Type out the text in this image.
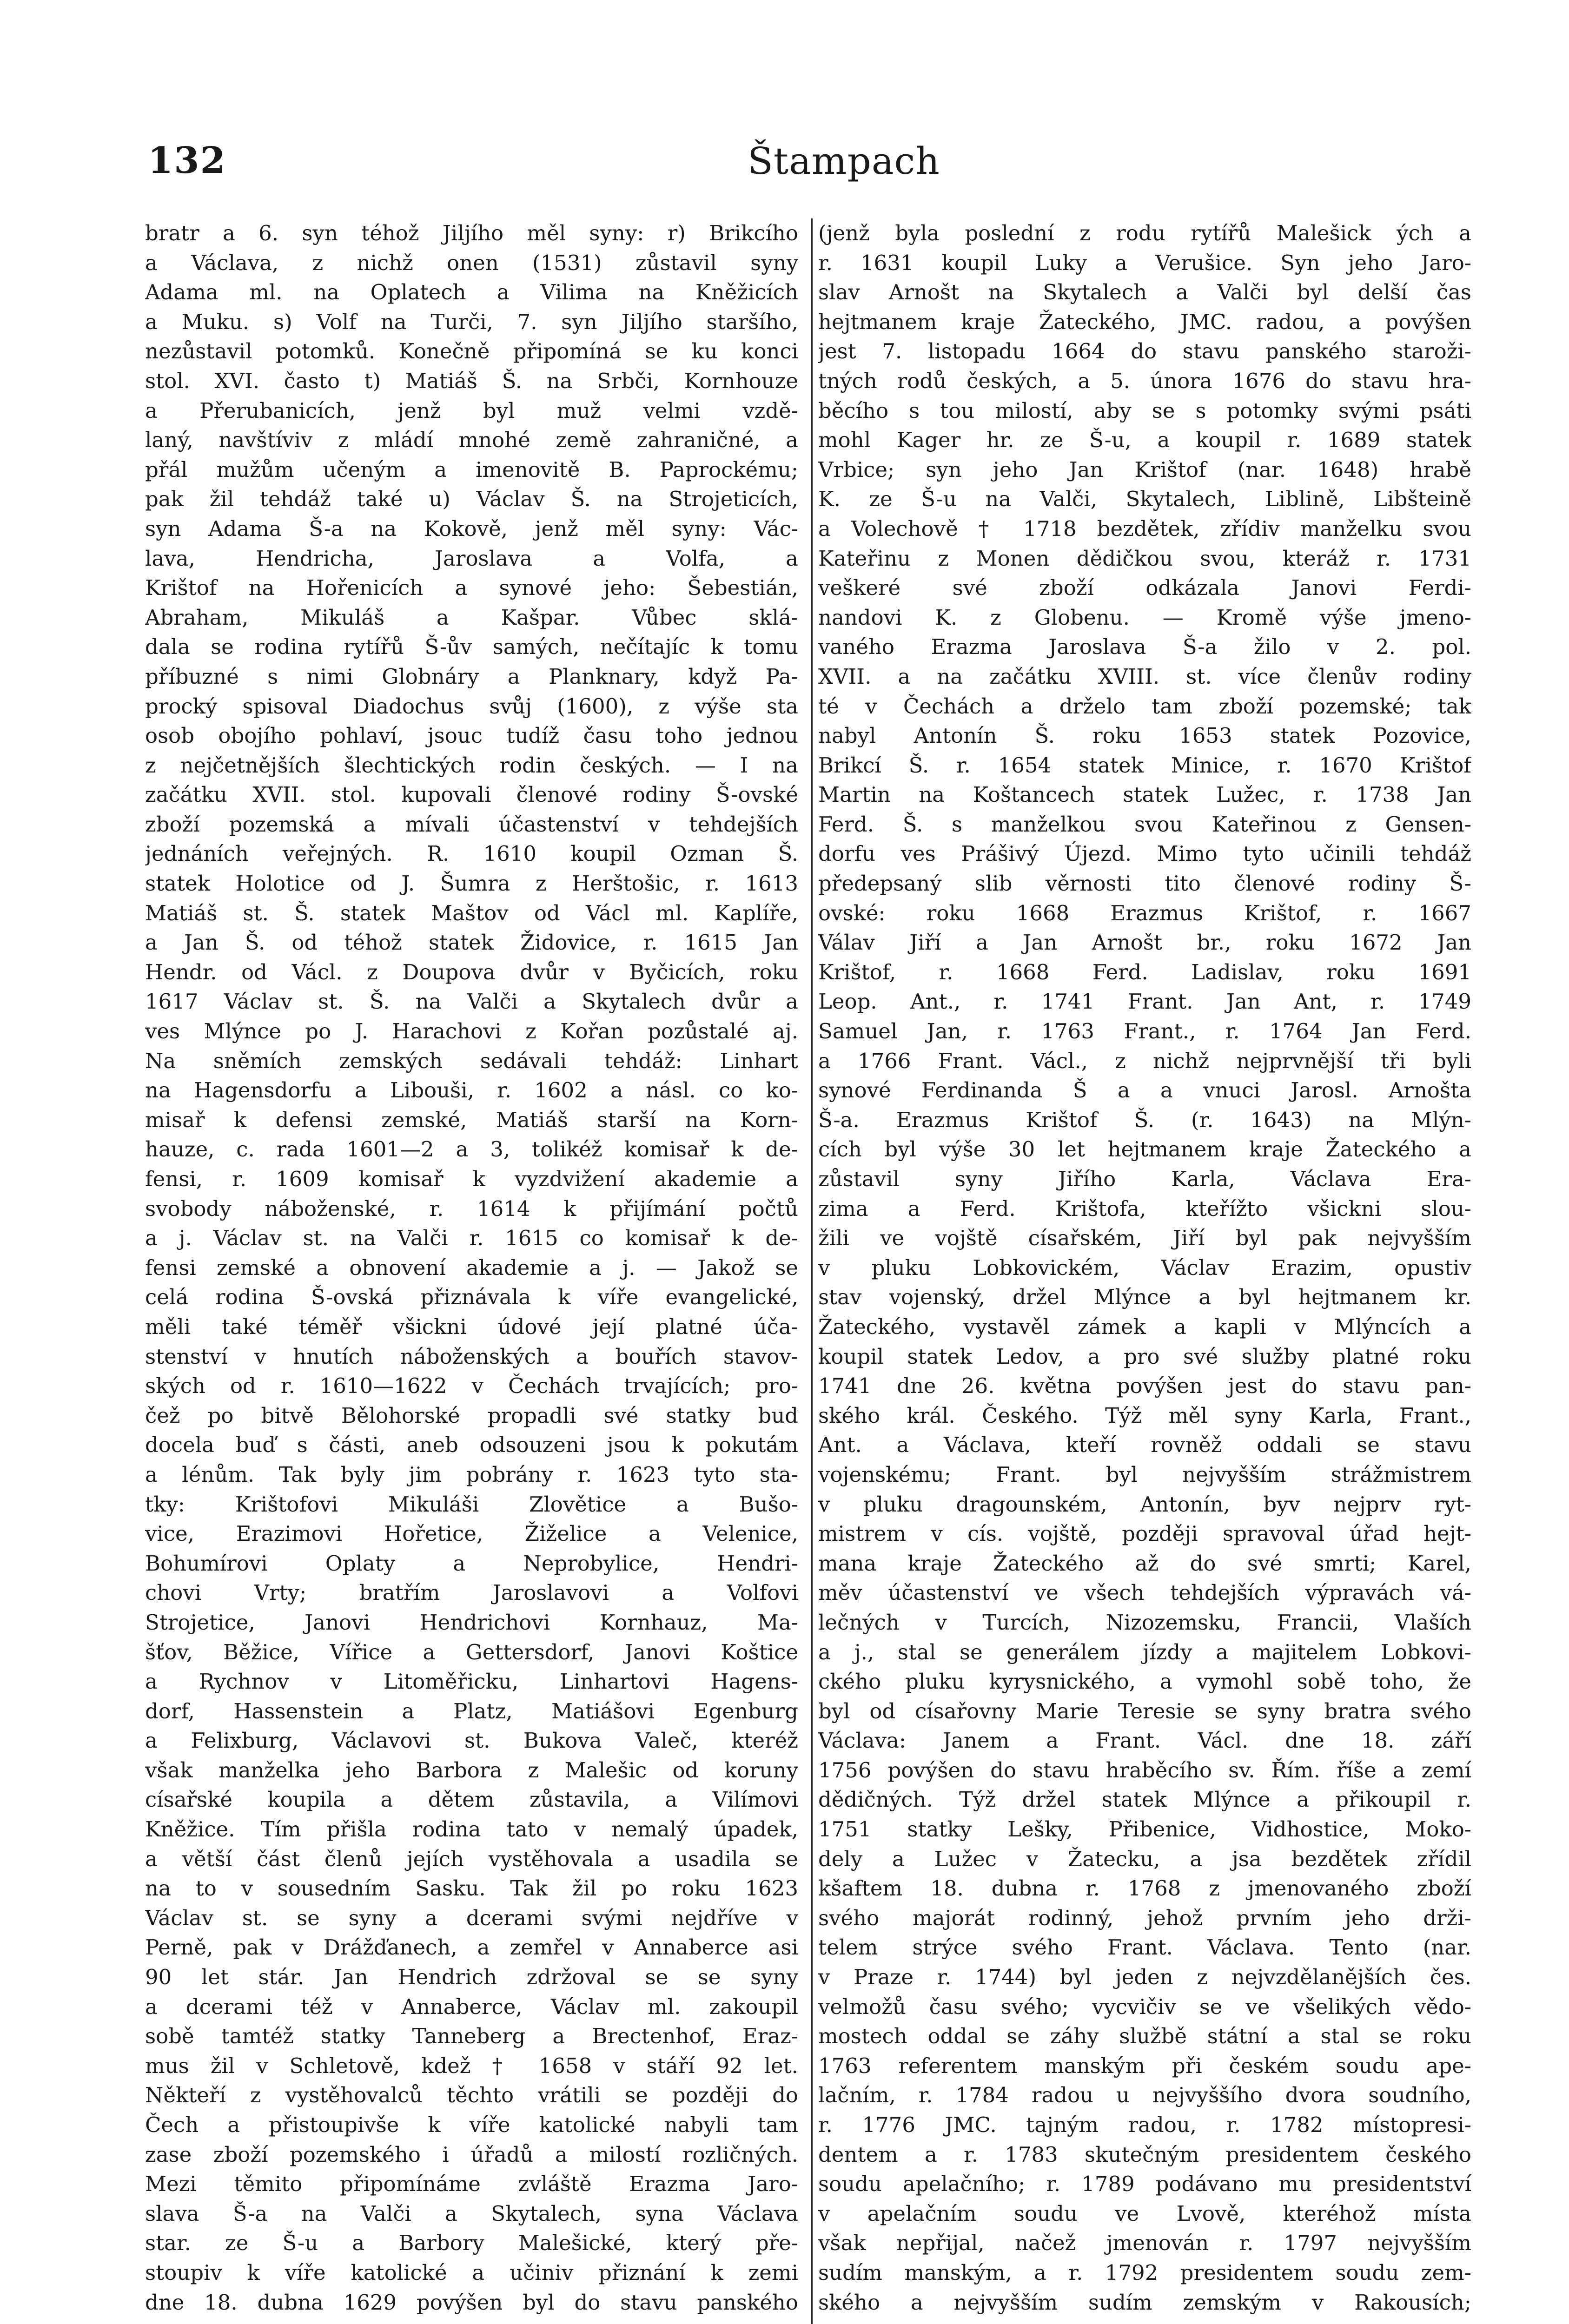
132	Štampach
bratr a 6. syn téhož Jiljího měl syny: r) Brikcího
a Václava, z nichž onen (1531) zůstavil syny
Adama ml. na Oplatech a Vilima na Kněžicích
a Muku. s) Volf na Turči, 7. syn Jiljího staršího,
nezůstavil potomků. Konečně připomíná se ku konci
stol. XVI. často t) Matiáš Š. na Srbči, Kornhouze
a Přerubanicích, jenž byl muž velmi vzdě-
laný, navštíviv z mládí mnohé země zahraničné, a
přál mužům učeným a imenovitě B. Paprockému;
pak žil tehdáž také u) Václav Š. na Strojeticích,
syn Adama Š-a na Kokově, jenž měl syny: Vác-
lava, Hendricha, Jaroslava a Volfa, a
Krištof na Hořenicích a synové jeho: Šebestián,
Abraham, Mikuláš a Kašpar. Vůbec sklá-
dala se rodina rytířů Š-ův samých, nečítajíc k tomu
příbuzné s nimi Globnáry a Planknary, když Pa-
procký spisoval Diadochus svůj (1600), z výše sta
osob obojího pohlaví, jsouc tudíž času toho jednou
z nejčetnějších šlechtických rodin českých. — I na
začátku XVII. stol. kupovali členové rodiny Š-ovské
zboží pozemská a mívali účastenství v tehdejších
jednáních veřejných. R. 1610 koupil Ozman Š.
statek Holotice od J. Šumra z Herštošic, r. 1613
Matiáš st. Š. statek Maštov od Václ ml. Kaplíře,
a Jan Š. od téhož statek Židovice, r. 1615 Jan
Hendr. od Václ. z Doupova dvůr v Byčicích, roku
1617 Václav st. Š. na Valči a Skytalech dvůr a
ves Mlýnce po J. Harachovi z Kořan pozůstalé aj.
Na sněmích zemských sedávali tehdáž: Linhart
na Hagensdorfu a Libouši, r. 1602 a násl. co ko-
misař k defensi zemské, Matiáš starší na Korn-
hauze, c. rada 1601—2 a 3, tolikéž komisař k de-
fensi, r. 1609 komisař k vyzdvižení akademie a
svobody náboženské, r. 1614 k přijímání počtů
a j. Václav st. na Valči r. 1615 co komisař k de-
fensi zemské a obnovení akademie a j. — Jakož se
celá rodina Š-ovská přiznávala k víře evangelické,
měli také téměř všickni údové její platné úča-
stenství v hnutích náboženských a bouřích stavov-
ských od r. 1610—1622 v Čechách trvajících; pro-
čež po bitvě Bělohorské propadli své statky buď
docela buď s části, aneb odsouzeni jsou k pokutám
a lénům. Tak byly jim pobrány r. 1623 tyto sta-
tky: Krištofovi Mikuláši Zlovětice a Bušo-
vice, Erazimovi Hořetice, Žiželice a Velenice,
Bohumírovi Oplaty a Neprobylice, Hendri-
chovi Vrty; bratřím Jaroslavovi a Volfovi
Strojetice, Janovi Hendrichovi Kornhauz, Ma-
šťov, Běžice, Vířice a Gettersdorf, Janovi Koštice
a Rychnov v Litoměřicku, Linhartovi Hagens-
dorf, Hassenstein a Platz, Matiášovi Egenburg
a Felixburg, Václavovi st. Bukova Valeč, kteréž
však manželka jeho Barbora z Malešic od koruny
císařské koupila a dětem zůstavila, a Vilímovi
Kněžice. Tím přišla rodina tato v nemalý úpadek,
a větší část členů jejích vystěhovala a usadila se
na to v sousedním Sasku. Tak žil po roku 1623
Václav st. se syny a dcerami svými nejdříve v
Perně, pak v Drážďanech, a zemřel v Annaberce asi
90 let stár. Jan Hendrich zdržoval se se syny
a dcerami též v Annaberce, Václav ml. zakoupil
sobě tamtéž statky Tanneberg a Brectenhof, Eraz-
mus žil v Schletově, kdež † 1658 v stáří 92 let.
Někteří z vystěhovalců těchto vrátili se později do
Čech a přistoupivše k víře katolické nabyli tam
zase zboží pozemského i úřadů a milostí rozličných.
Mezi těmito připomínáme zvláště Erazma Jaro-
slava Š-a na Valči a Skytalech, syna Václava
star. ze Š-u a Barbory Malešické, který pře-
stoupiv k víře katolické a učiniv přiznání k zemi
dne 18. dubna 1629 povýšen byl do stavu panského
(jenž byla poslední z rodu rytířů Malešick ých a
r. 1631 koupil Luky a Verušice. Syn jeho Jaro-
slav Arnošt na Skytalech a Valči byl delší čas
hejtmanem kraje Žateckého, JMC. radou, a povýšen
jest 7. listopadu 1664 do stavu panského staroži-
tných rodů českých, a 5. února 1676 do stavu hra-
běcího s tou milostí, aby se s potomky svými psáti
mohl Kager hr. ze Š-u, a koupil r. 1689 statek
Vrbice; syn jeho Jan Krištof (nar. 1648) hrabě
K. ze Š-u na Valči, Skytalech, Liblině, Libšteině
a Volechově † 1718 bezdětek, zřídiv manželku svou
Kateřinu z Monen dědičkou svou, kteráž r. 1731
veškeré své zboží odkázala Janovi Ferdi-
nandovi K. z Globenu. — Kromě výše jmeno-
vaného Erazma Jaroslava Š-a žilo v 2. pol.
XVII. a na začátku XVIII. st. více členův rodiny
té v Čechách a drželo tam zboží pozemské; tak
nabyl Antonín Š. roku 1653 statek Pozovice,
Brikcí Š. r. 1654 statek Minice, r. 1670 Krištof
Martin na Koštancech statek Lužec, r. 1738 Jan
Ferd. Š. s manželkou svou Kateřinou z Gensen-
dorfu ves Prášivý Újezd. Mimo tyto učinili tehdáž
předepsaný slib věrnosti tito členové rodiny Š-
ovské: roku 1668 Erazmus Krištof, r. 1667
Válav Jiří a Jan Arnošt br., roku 1672 Jan
Krištof, r. 1668 Ferd. Ladislav, roku 1691
Leop. Ant., r. 1741 Frant. Jan Ant, r. 1749
Samuel Jan, r. 1763 Frant., r. 1764 Jan Ferd.
a 1766 Frant. Václ., z nichž nejprvnější tři byli
synové Ferdinanda Š a a vnuci Jarosl. Arnošta
Š-a. Erazmus Krištof Š. (r. 1643) na Mlýn-
cích byl výše 30 let hejtmanem kraje Žateckého a
zůstavil syny Jiřího Karla, Václava Era-
zima a Ferd. Krištofa, kteřížto všickni slou-
žili ve vojště císařském, Jiří byl pak nejvyšším
v pluku Lobkovickém, Václav Erazim, opustiv
stav vojenský, držel Mlýnce a byl hejtmanem kr.
Žateckého, vystavěl zámek a kapli v Mlýncích a
koupil statek Ledov, a pro své služby platné roku
1741 dne 26. května povýšen jest do stavu pan-
ského král. Českého. Týž měl syny Karla, Frant.,
Ant. a Václava, kteří rovněž oddali se stavu
vojenskému; Frant. byl nejvyšším strážmistrem
v pluku dragounském, Antonín, byv nejprv ryt-
mistrem v cís. vojště, později spravoval úřad hejt-
mana kraje Žateckého až do své smrti; Karel,
měv účastenství ve všech tehdejších výpravách vá-
lečných v Turcích, Nizozemsku, Francii, Vlaších
a j., stal se generálem jízdy a majitelem Lobkovi-
ckého pluku kyrysnického, a vymohl sobě toho, že
byl od císařovny Marie Teresie se syny bratra svého
Václava: Janem a Frant. Václ. dne 18. září
1756 povýšen do stavu hraběcího sv. Řím. říše a zemí
dědičných. Týž držel statek Mlýnce a přikoupil r.
1751 statky Lešky, Přibenice, Vidhostice, Moko-
dely a Lužec v Žatecku, a jsa bezdětek zřídil
kšaftem 18. dubna r. 1768 z jmenovaného zboží
svého majorát rodinný, jehož prvním jeho drži-
telem strýce svého Frant. Václava. Tento (nar.
v Praze r. 1744) byl jeden z nejvzdělanějších čes.
velmožů času svého; vycvičiv se ve všelikých vědo-
mostech oddal se záhy službě státní a stal se roku
1763 referentem manským při českém soudu ape-
lačním, r. 1784 radou u nejvyššího dvora soudního,
r. 1776 JMC. tajným radou, r. 1782 místopresi-
dentem a r. 1783 skutečným presidentem českého
soudu apelačního; r. 1789 podávano mu presidentství
v apelačním soudu ve Lvově, kteréhož místa
však nepřijal, načež jmenován r. 1797 nejvyšším
sudím manským, a r. 1792 presidentem soudu zem-
ského a nejvyšším sudím zemským v Rakousích;
